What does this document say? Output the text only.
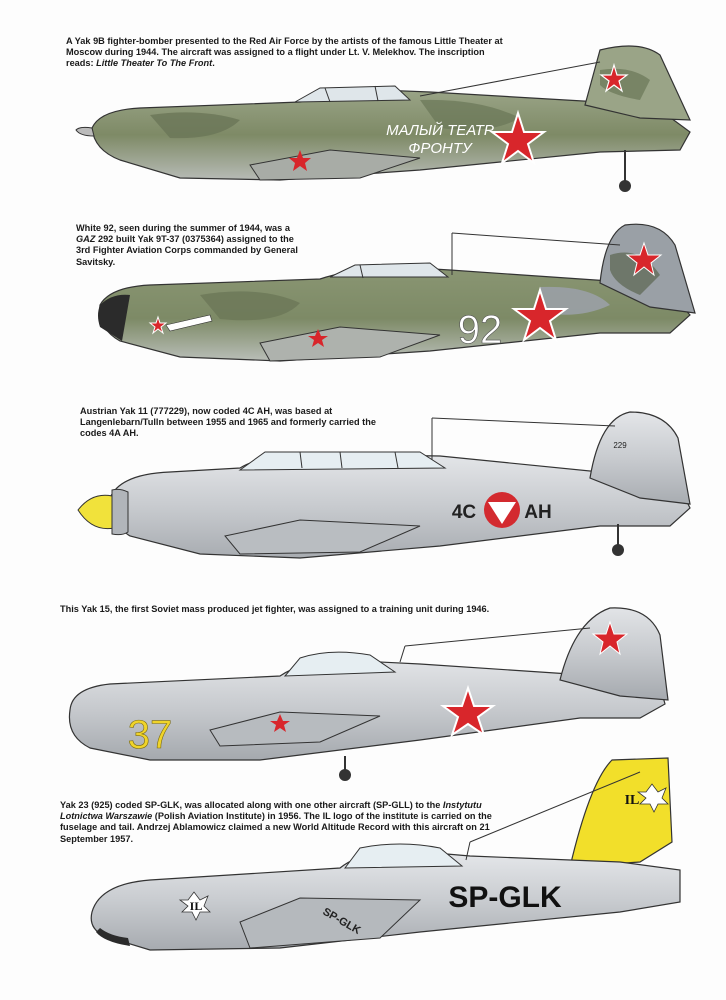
A Yak 9B fighter-bomber presented to the Red Air Force by the artists of the famous Little Theater at Moscow during 1944. The aircraft was assigned to a flight under Lt. V. Melekhov. The inscription reads: Little Theater To The Front.
МАЛЫЙ ТЕАТР
ФРОНТУ
White 92, seen during the summer of 1944, was a GAZ 292 built Yak 9T-37 (0375364) assigned to the 3rd Fighter Aviation Corps commanded by General Savitsky.
92
Austrian Yak 11 (777229), now coded 4C AH, was based at Langenlebarn/Tulln between 1955 and 1965 and formerly carried the codes 4A AH.
4C	AH
229
This Yak 15, the first Soviet mass produced jet fighter, was assigned to a training unit during 1946.
37
Yak 23 (925) coded SP-GLK, was allocated along with one other aircraft (SP-GLL) to the Instytutu Lotnictwa Warszawie (Polish Aviation Institute) in 1956. The IL logo of the institute is carried on the fuselage and tail. Andrzej Ablamowicz claimed a new World Altitude Record with this aircraft on 21 September 1957.
SP-GLK
SP-GLK
IL
IL
